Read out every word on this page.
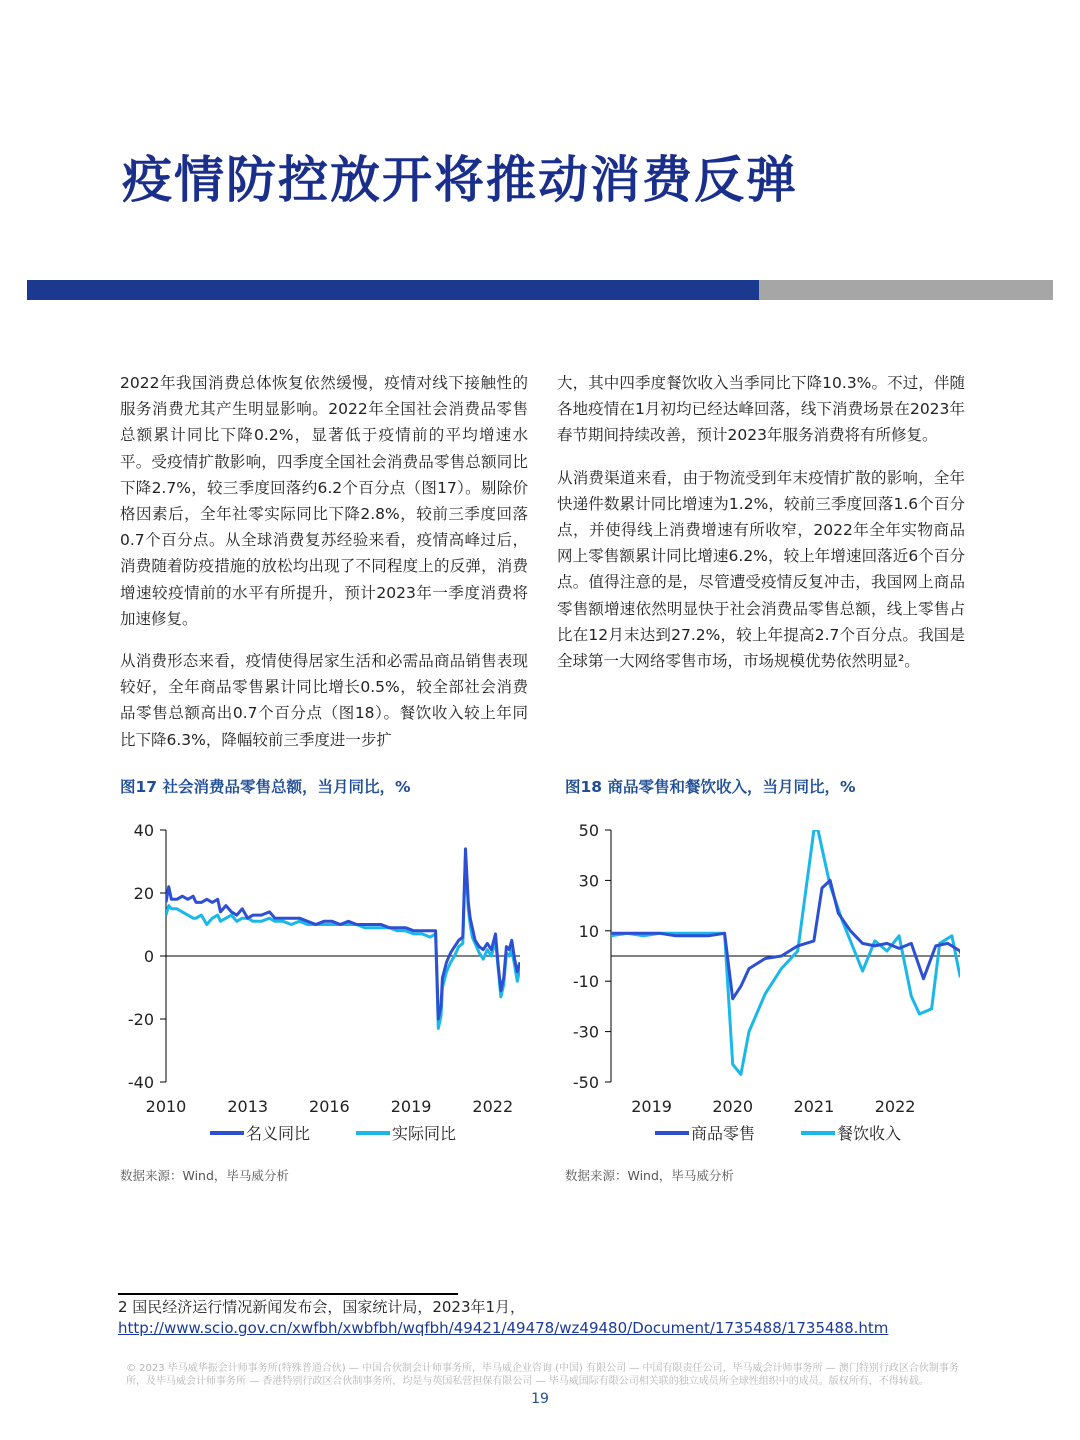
疫情防控放开将推动消费反弹

2022年我国消费总体恢复依然缓慢，疫情对线下接触性的服务消费尤其产生明显影响。2022年全国社会消费品零售总额累计同比下降0.2%，显著低于疫情前的平均增速水平。受疫情扩散影响，四季度全国社会消费品零售总额同比下降2.7%，较三季度回落约6.2个百分点（图17）。剔除价格因素后，全年社零实际同比下降2.8%，较前三季度回落0.7个百分点。从全球消费复苏经验来看，疫情高峰过后，消费随着防疫措施的放松均出现了不同程度上的反弹，消费增速较疫情前的水平有所提升，预计2023年一季度消费将加速修复。

从消费形态来看，疫情使得居家生活和必需品商品销售表现较好，全年商品零售累计同比增长0.5%，较全部社会消费品零售总额高出0.7个百分点（图18）。餐饮收入较上年同比下降6.3%，降幅较前三季度进一步扩

大，其中四季度餐饮收入当季同比下降10.3%。不过，伴随各地疫情在1月初均已经达峰回落，线下消费场景在2023年春节期间持续改善，预计2023年服务消费将有所修复。

从消费渠道来看，由于物流受到年末疫情扩散的影响，全年快递件数累计同比增速为1.2%，较前三季度回落1.6个百分点，并使得线上消费增速有所收窄，2022年全年实物商品网上零售额累计同比增速6.2%，较上年增速回落近6个百分点。值得注意的是，尽管遭受疫情反复冲击，我国网上商品零售额增速依然明显快于社会消费品零售总额，线上零售占比在12月末达到27.2%，较上年提高2.7个百分点。我国是全球第一大网络零售市场，市场规模优势依然明显²。

图17 社会消费品零售总额，当月同比，%	图18 商品零售和餐饮收入，当月同比，%
40
20
0
-20
-40
2010	2013	2016	2019	2022
名义同比	实际同比
50
30
10
-10
-30
-50
2019	2020	2021	2022
商品零售	餐饮收入
数据来源：Wind，毕马威分析	数据来源：Wind，毕马威分析
2 国民经济运行情况新闻发布会，国家统计局，2023年1月，
http://www.scio.gov.cn/xwfbh/xwbfbh/wqfbh/49421/49478/wz49480/Document/1735488/1735488.htm
© 2023 毕马威华振会计师事务所(特殊普通合伙) — 中国合伙制会计师事务所，毕马威企业咨询 (中国) 有限公司 — 中国有限责任公司，毕马威会计师事务所 — 澳门特别行政区合伙制事务所，及毕马威会计师事务所 — 香港特别行政区合伙制事务所，均是与英国私营担保有限公司 — 毕马威国际有限公司相关联的独立成员所全球性组织中的成员。版权所有，不得转载。
19
